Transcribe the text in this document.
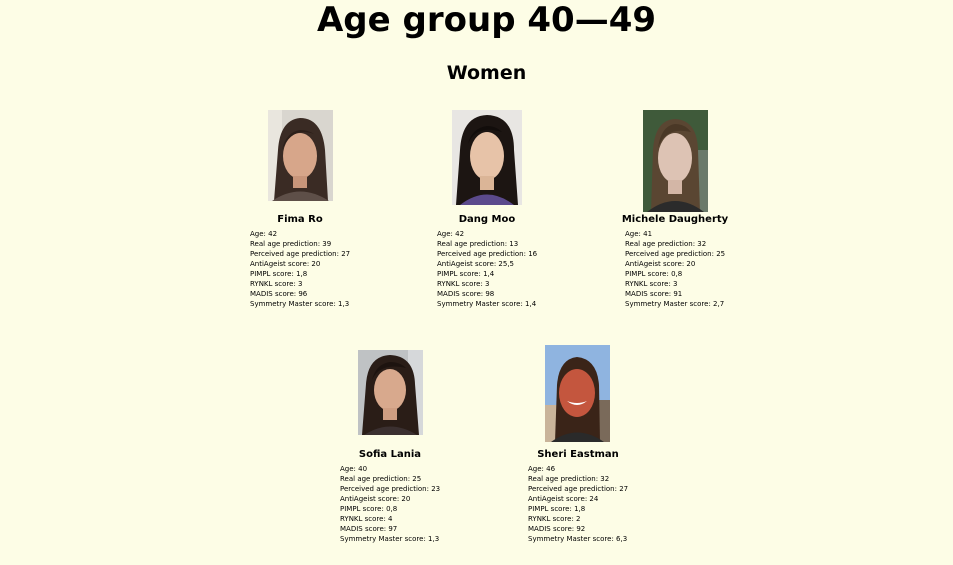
Age group 40—49
Women
Fima Ro
Age: 42
Real age prediction: 39
Perceived age prediction: 27
AntiAgeist score: 20
PIMPL score: 1,8
RYNKL score: 3
MADIS score: 96
Symmetry Master score: 1,3
Dang Moo
Age: 42
Real age prediction: 13
Perceived age prediction: 16
AntiAgeist score: 25,5
PIMPL score: 1,4
RYNKL score: 3
MADIS score: 98
Symmetry Master score: 1,4
Michele Daugherty
Age: 41
Real age prediction: 32
Perceived age prediction: 25
AntiAgeist score: 20
PIMPL score: 0,8
RYNKL score: 3
MADIS score: 91
Symmetry Master score: 2,7
Sofia Lania
Age: 40
Real age prediction: 25
Perceived age prediction: 23
AntiAgeist score: 20
PIMPL score: 0,8
RYNKL score: 4
MADIS score: 97
Symmetry Master score: 1,3
Sheri Eastman
Age: 46
Real age prediction: 32
Perceived age prediction: 27
AntiAgeist score: 24
PIMPL score: 1,8
RYNKL score: 2
MADIS score: 92
Symmetry Master score: 6,3
